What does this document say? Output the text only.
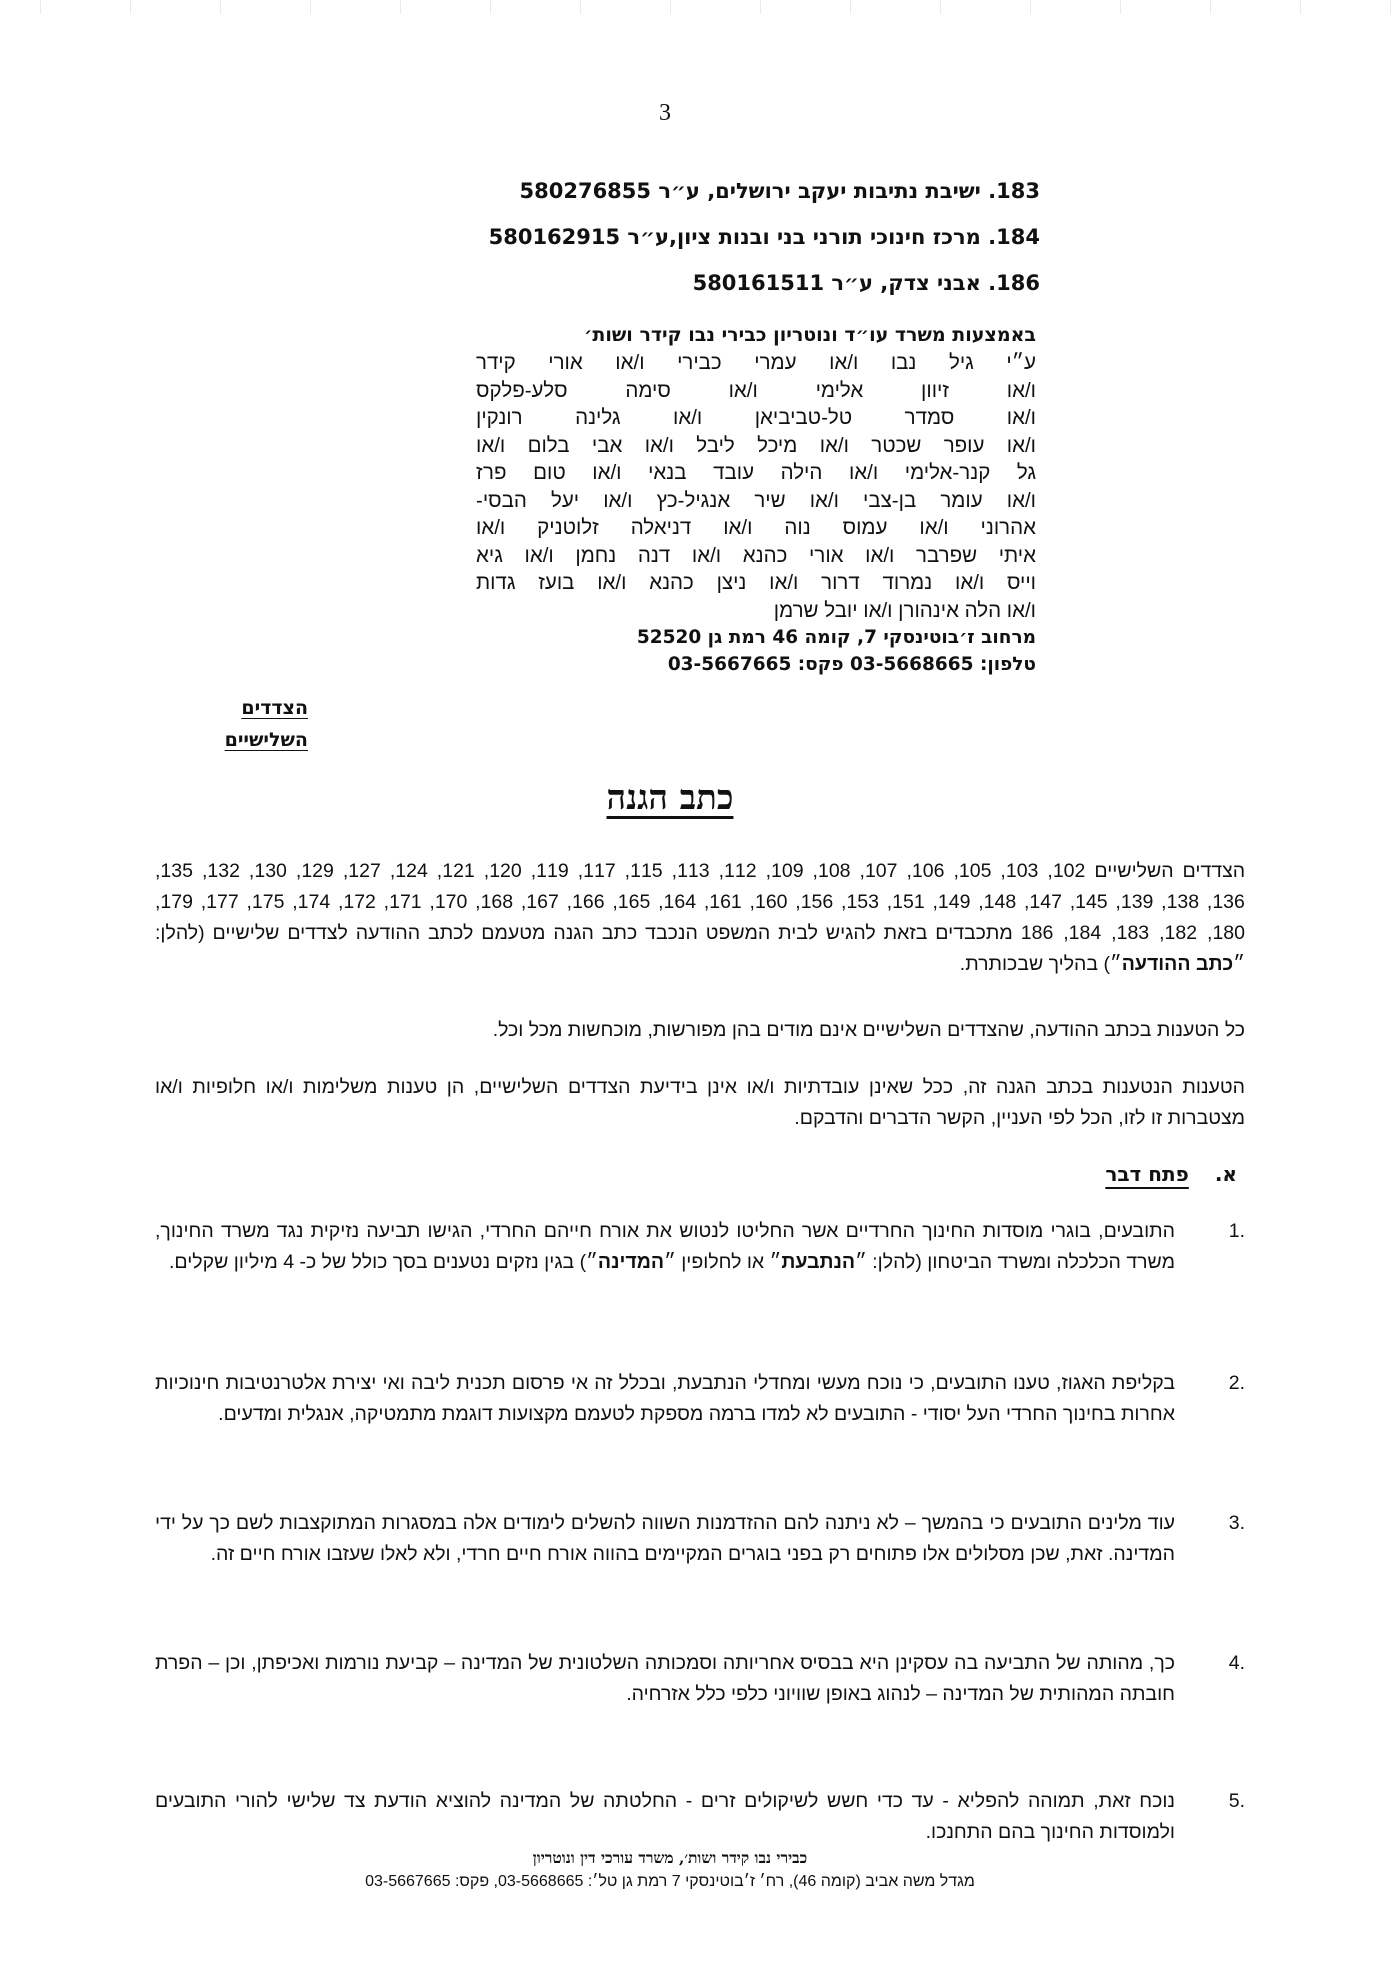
3
183. ישיבת נתיבות יעקב ירושלים, ע״ר 580276855
184. מרכז חינוכי תורני בני ובנות ציון,ע״ר 580162915
186. אבני צדק, ע״ר 580161511
באמצעות משרד עו״ד ונוטריון כבירי נבו קידר ושות׳
ע״י גיל נבו ו/או עמרי כבירי ו/או אורי קידר
ו/או זיוון אלימי ו/או סימה סלע-פלקס
ו/או סמדר טל-טביביאן ו/או גלינה רונקין
ו/או עופר שכטר ו/או מיכל ליבל ו/או אבי בלום ו/או
גל קנר-אלימי ו/או הילה עובד בנאי ו/או טום פרז
ו/או עומר בן-צבי ו/או שיר אנגיל-כץ ו/או יעל הבסי-
אהרוני ו/או עמוס נוה ו/או דניאלה זלוטניק ו/או
איתי שפרבר ו/או אורי כהנא ו/או דנה נחמן ו/או גיא
וייס ו/או נמרוד דרור ו/או ניצן כהנא ו/או בועז גדות
ו/או הלה אינהורן ו/או יובל שרמן
מרחוב ז׳בוטינסקי 7, קומה 46 רמת גן 52520
טלפון: 03-5668665 פקס: 03-5667665
הצדדים
השלישיים
כתב הגנה
הצדדים השלישיים 102, 103, 105, 106, 107, 108, 109, 112, 113, 115, 117, 119, 120, 121, 124, 127, 129, 130, 132, 135, 136, 138, 139, 145, 147, 148, 149, 151, 153, 156, 160, 161, 164, 165, 166, 167, 168, 170, 171, 172, 174, 175, 177, 179, 180, 182, 183, 184, 186 מתכבדים בזאת להגיש לבית המשפט הנכבד כתב הגנה מטעמם לכתב ההודעה לצדדים שלישיים (להלן: ״כתב ההודעה״) בהליך שבכותרת.
כל הטענות בכתב ההודעה, שהצדדים השלישיים אינם מודים בהן מפורשות, מוכחשות מכל וכל.
הטענות הנטענות בכתב הגנה זה, ככל שאינן עובדתיות ו/או אינן בידיעת הצדדים השלישיים, הן טענות משלימות ו/או חלופיות ו/או מצטברות זו לזו, הכל לפי העניין, הקשר הדברים והדבקם.
א.
פתח דבר
.1
התובעים, בוגרי מוסדות החינוך החרדיים אשר החליטו לנטוש את אורח חייהם החרדי, הגישו תביעה נזיקית נגד משרד החינוך, משרד הכלכלה ומשרד הביטחון (להלן: ״הנתבעת״ או לחלופין ״המדינה״) בגין נזקים נטענים בסך כולל של כ- 4 מיליון שקלים.
.2
בקליפת האגוז, טענו התובעים, כי נוכח מעשי ומחדלי הנתבעת, ובכלל זה אי פרסום תכנית ליבה ואי יצירת אלטרנטיבות חינוכיות אחרות בחינוך החרדי העל יסודי - התובעים לא למדו ברמה מספקת לטעמם מקצועות דוגמת מתמטיקה, אנגלית ומדעים.
.3
עוד מלינים התובעים כי בהמשך – לא ניתנה להם ההזדמנות השווה להשלים לימודים אלה במסגרות המתוקצבות לשם כך על ידי המדינה. זאת, שכן מסלולים אלו פתוחים רק בפני בוגרים המקיימים בהווה אורח חיים חרדי, ולא לאלו שעזבו אורח חיים זה.
.4
כך, מהותה של התביעה בה עסקינן היא בבסיס אחריותה וסמכותה השלטונית של המדינה – קביעת נורמות ואכיפתן, וכן – הפרת חובתה המהותית של המדינה – לנהוג באופן שוויוני כלפי כלל אזרחיה.
.5
נוכח זאת, תמוהה להפליא - עד כדי חשש לשיקולים זרים - החלטתה של המדינה להוציא הודעת צד שלישי להורי התובעים ולמוסדות החינוך בהם התחנכו.
כבירי נבו קידר ושות׳, משרד עורכי דין ונוטריון
מגדל משה אביב (קומה 46), רח׳ ז׳בוטינסקי 7 רמת גן טל׳: 03-5668665, פקס: 03-5667665
